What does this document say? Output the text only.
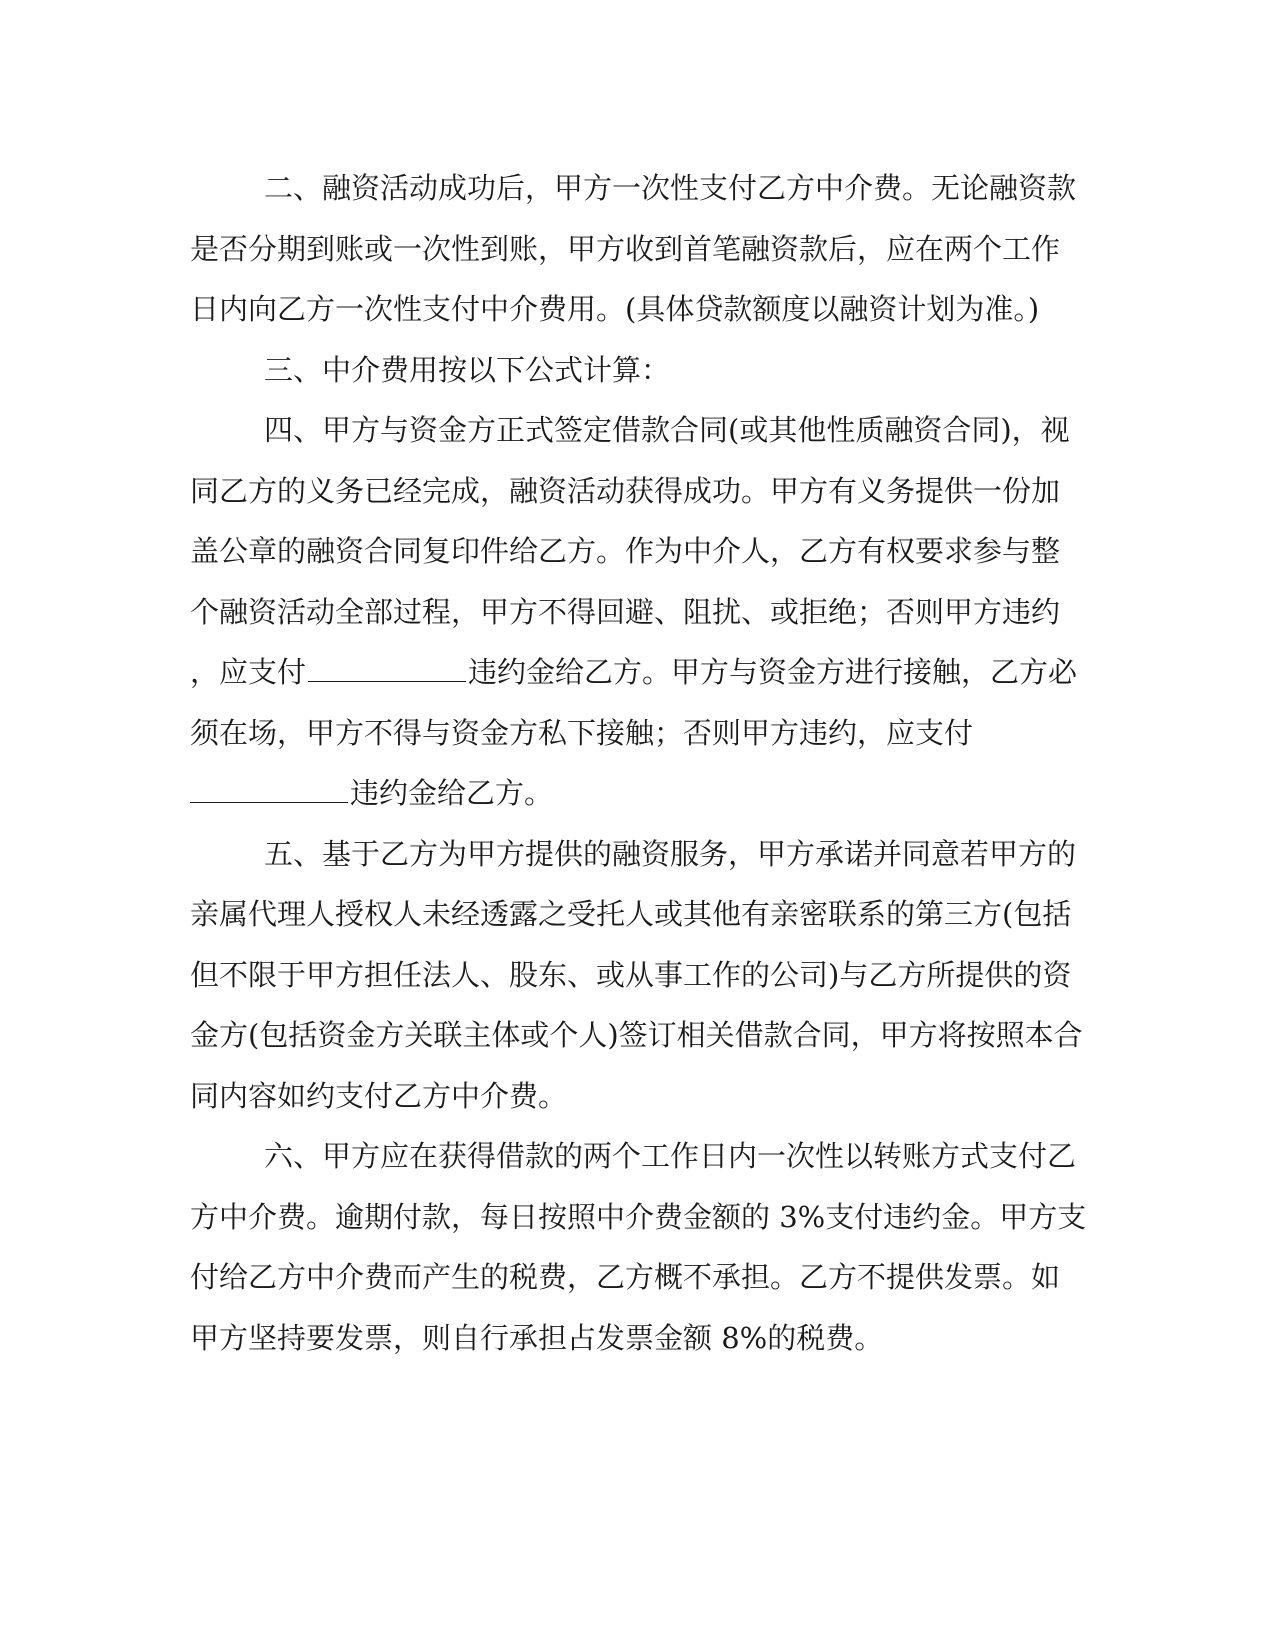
二、融资活动成功后，甲方一次性支付乙方中介费。无论融资款
是否分期到账或一次性到账，甲方收到首笔融资款后，应在两个工作
日内向乙方一次性支付中介费用。(具体贷款额度以融资计划为准。)
三、中介费用按以下公式计算：
四、甲方与资金方正式签定借款合同(或其他性质融资合同)，视
同乙方的义务已经完成，融资活动获得成功。甲方有义务提供一份加
盖公章的融资合同复印件给乙方。作为中介人，乙方有权要求参与整
个融资活动全部过程，甲方不得回避、阻扰、或拒绝；否则甲方违约
，应支付	违约金给乙方。甲方与资金方进行接触，乙方必
须在场，甲方不得与资金方私下接触；否则甲方违约，应支付
违约金给乙方。
五、基于乙方为甲方提供的融资服务，甲方承诺并同意若甲方的
亲属代理人授权人未经透露之受托人或其他有亲密联系的第三方(包括
但不限于甲方担任法人、股东、或从事工作的公司)与乙方所提供的资
金方(包括资金方关联主体或个人)签订相关借款合同，甲方将按照本合
同内容如约支付乙方中介费。
六、甲方应在获得借款的两个工作日内一次性以转账方式支付乙
方中介费。逾期付款，每日按照中介费金额的 3%支付违约金。甲方支
付给乙方中介费而产生的税费，乙方概不承担。乙方不提供发票。如
甲方坚持要发票，则自行承担占发票金额 8%的税费。
